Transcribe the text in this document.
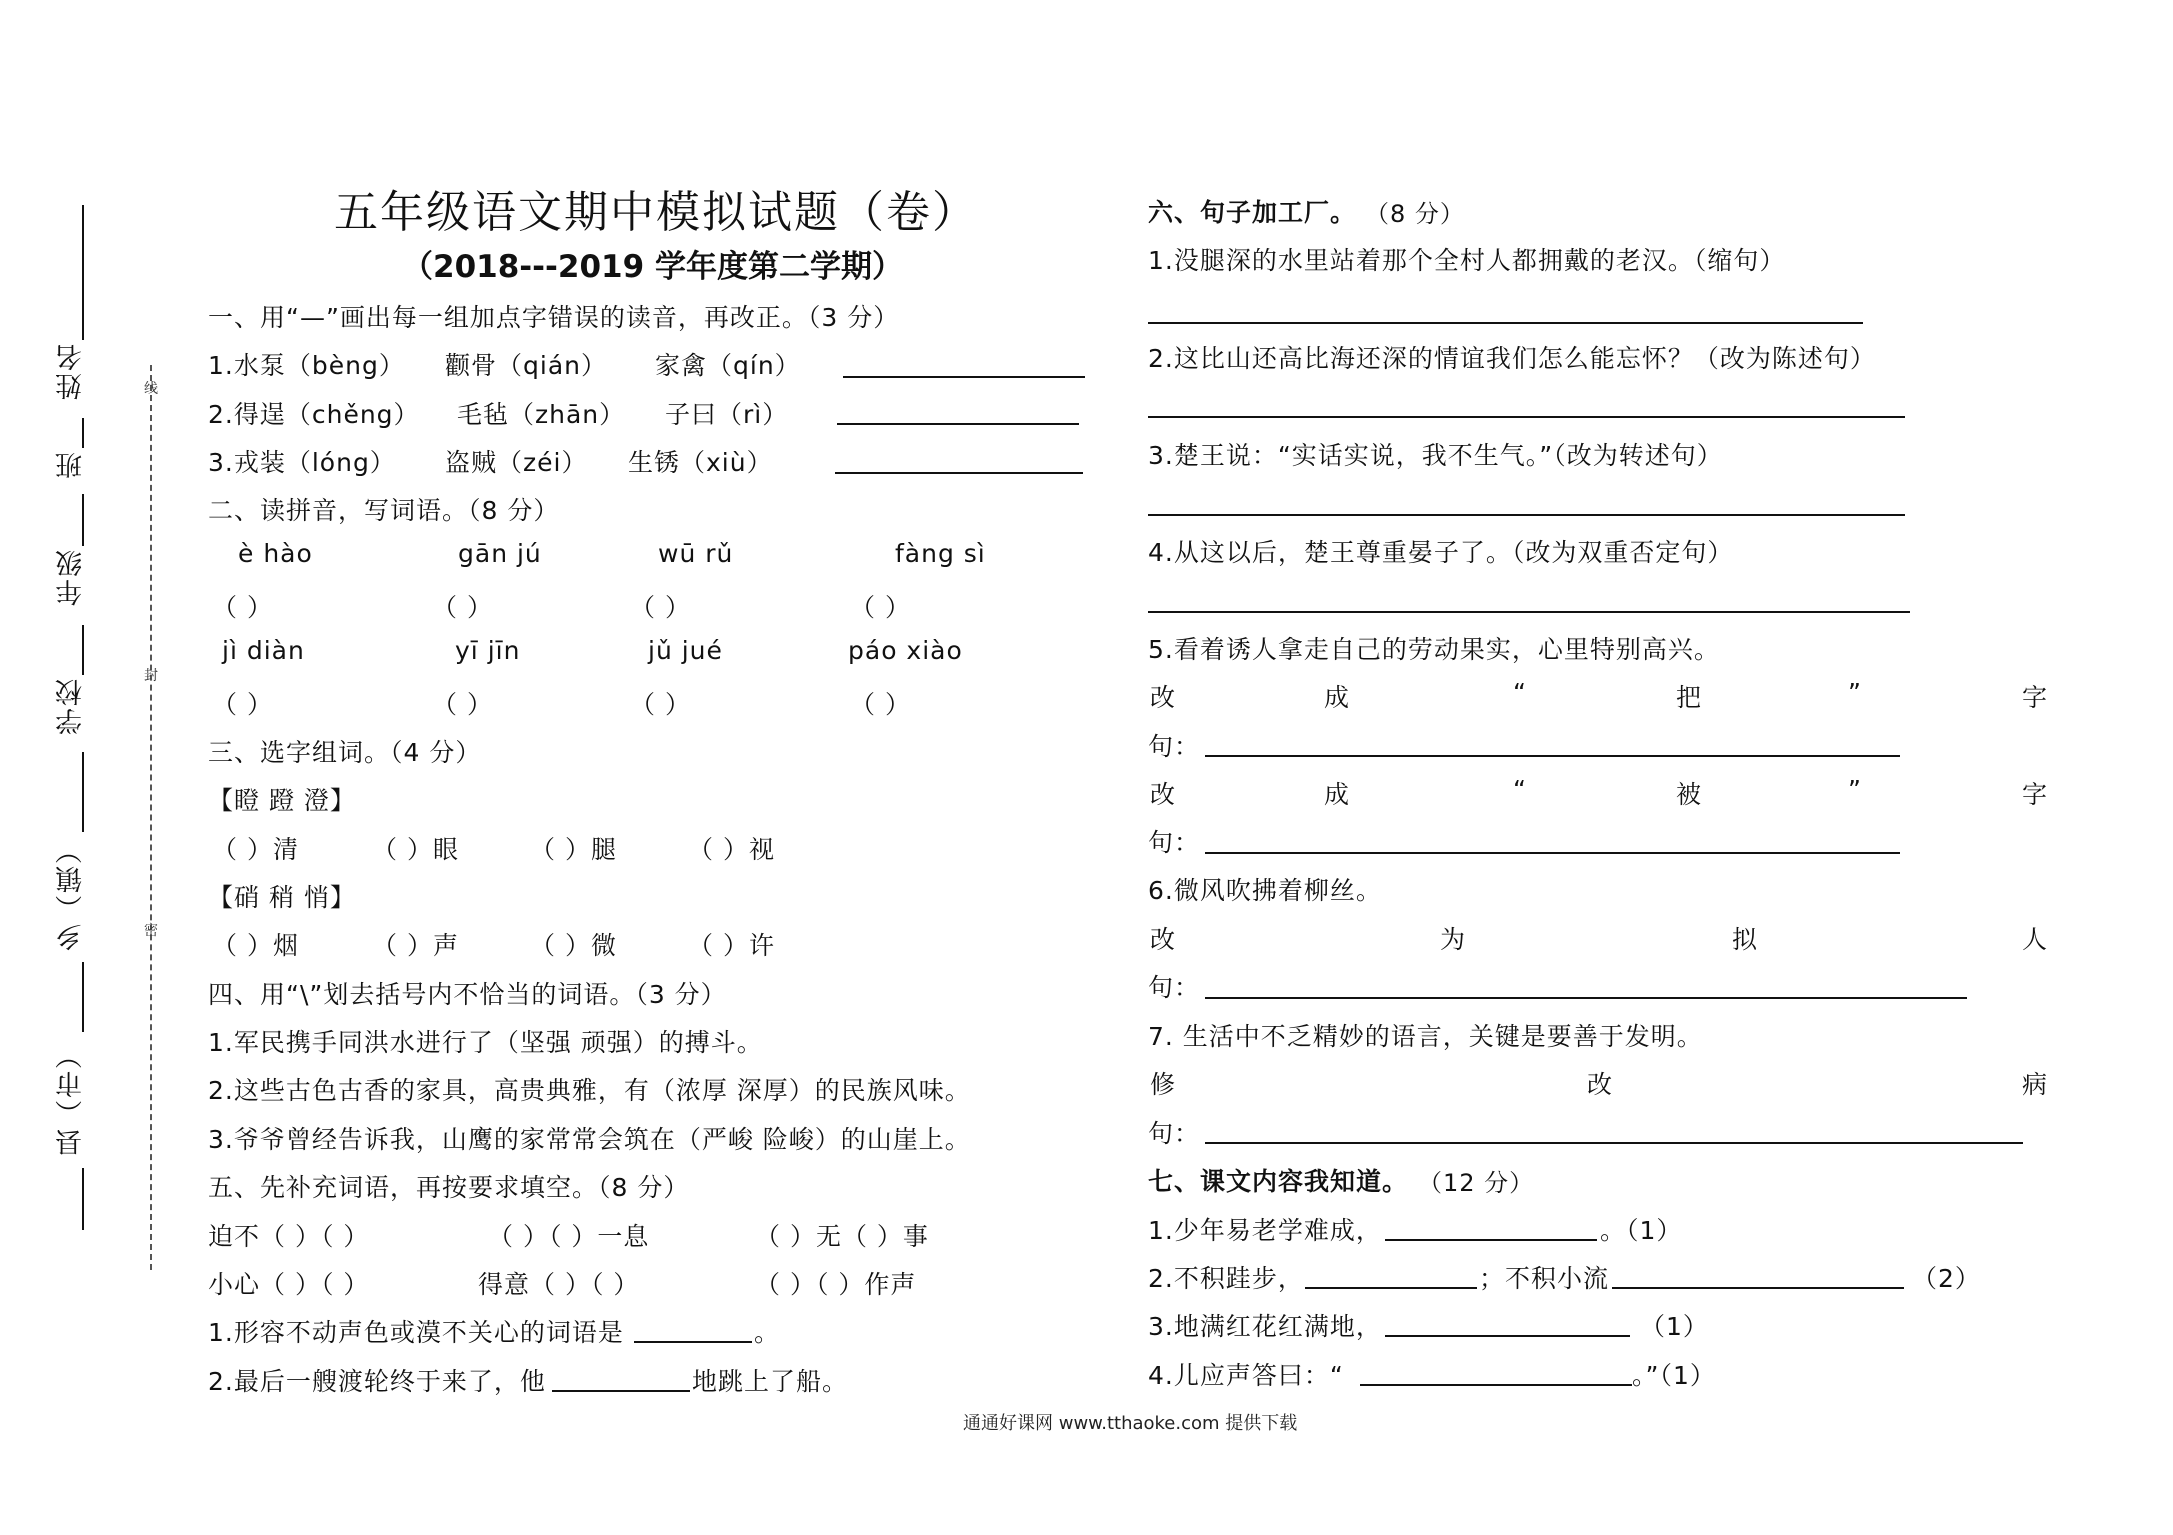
姓名
班
年级
学校
乡（镇）
县（市）
线
封
密
五年级语文期中模拟试题（卷）
（2018---2019 学年度第二学期）
一、用“—”画出每一组加点字错误的读音，再改正。（3 分）
1.水泵（bèng） 颧骨（qián） 家禽（qín）
2.得逞（chěng） 毛毡（zhān） 子曰（rì）
3.戎装（lóng） 盗贼（zéi） 生锈（xiù）
二、读拼音，写词语。（8 分）
è hào	gān jú	wū rǔ	fàng sì
（ ）	（ ）	（ ）	（ ）
jì diàn	yī jīn	jǔ jué	páo xiào
（ ）	（ ）	（ ）	（ ）
三、选字组词。（4 分）
【瞪 蹬 澄】
（ ）清	（ ）眼	（ ）腿	（ ）视
【硝 稍 悄】
（ ）烟	（ ）声	（ ）微	（ ）许
四、用“\”划去括号内不恰当的词语。（3 分）
1.军民携手同洪水进行了（坚强 顽强）的搏斗。
2.这些古色古香的家具，高贵典雅，有（浓厚 深厚）的民族风味。
3.爷爷曾经告诉我，山鹰的家常常会筑在（严峻 险峻）的山崖上。
五、先补充词语，再按要求填空。（8 分）
迫不（ ）（ ）	（ ）（ ）一息	（ ）无（ ）事
小心（ ）（ ）	得意（ ）（ ）	（ ）（ ）作声
1.形容不动声色或漠不关心的词语是	。
2.最后一艘渡轮终于来了，他	地跳上了船。
六、句子加工厂。 （8 分）
1.没腿深的水里站着那个全村人都拥戴的老汉。（缩句）
2.这比山还高比海还深的情谊我们怎么能忘怀？（改为陈述句）
3.楚王说：“实话实说，我不生气。”（改为转述句）
4.从这以后，楚王尊重晏子了。（改为双重否定句）
5.看着诱人拿走自己的劳动果实，心里特别高兴。
改	成	“	把	”	字
句：
改	成	“	被	”	字
句：
6.微风吹拂着柳丝。
改	为	拟	人
句：
7. 生活中不乏精妙的语言，关键是要善于发明。
修	改	病
句：
七、课文内容我知道。 （12 分）
1.少年易老学难成，	。（1）
2.不积跬步，	；不积小流	（2）
3.地满红花红满地，	（1）
4.儿应声答曰：“	。”（1）
通通好课网 www.tthaoke.com 提供下载
